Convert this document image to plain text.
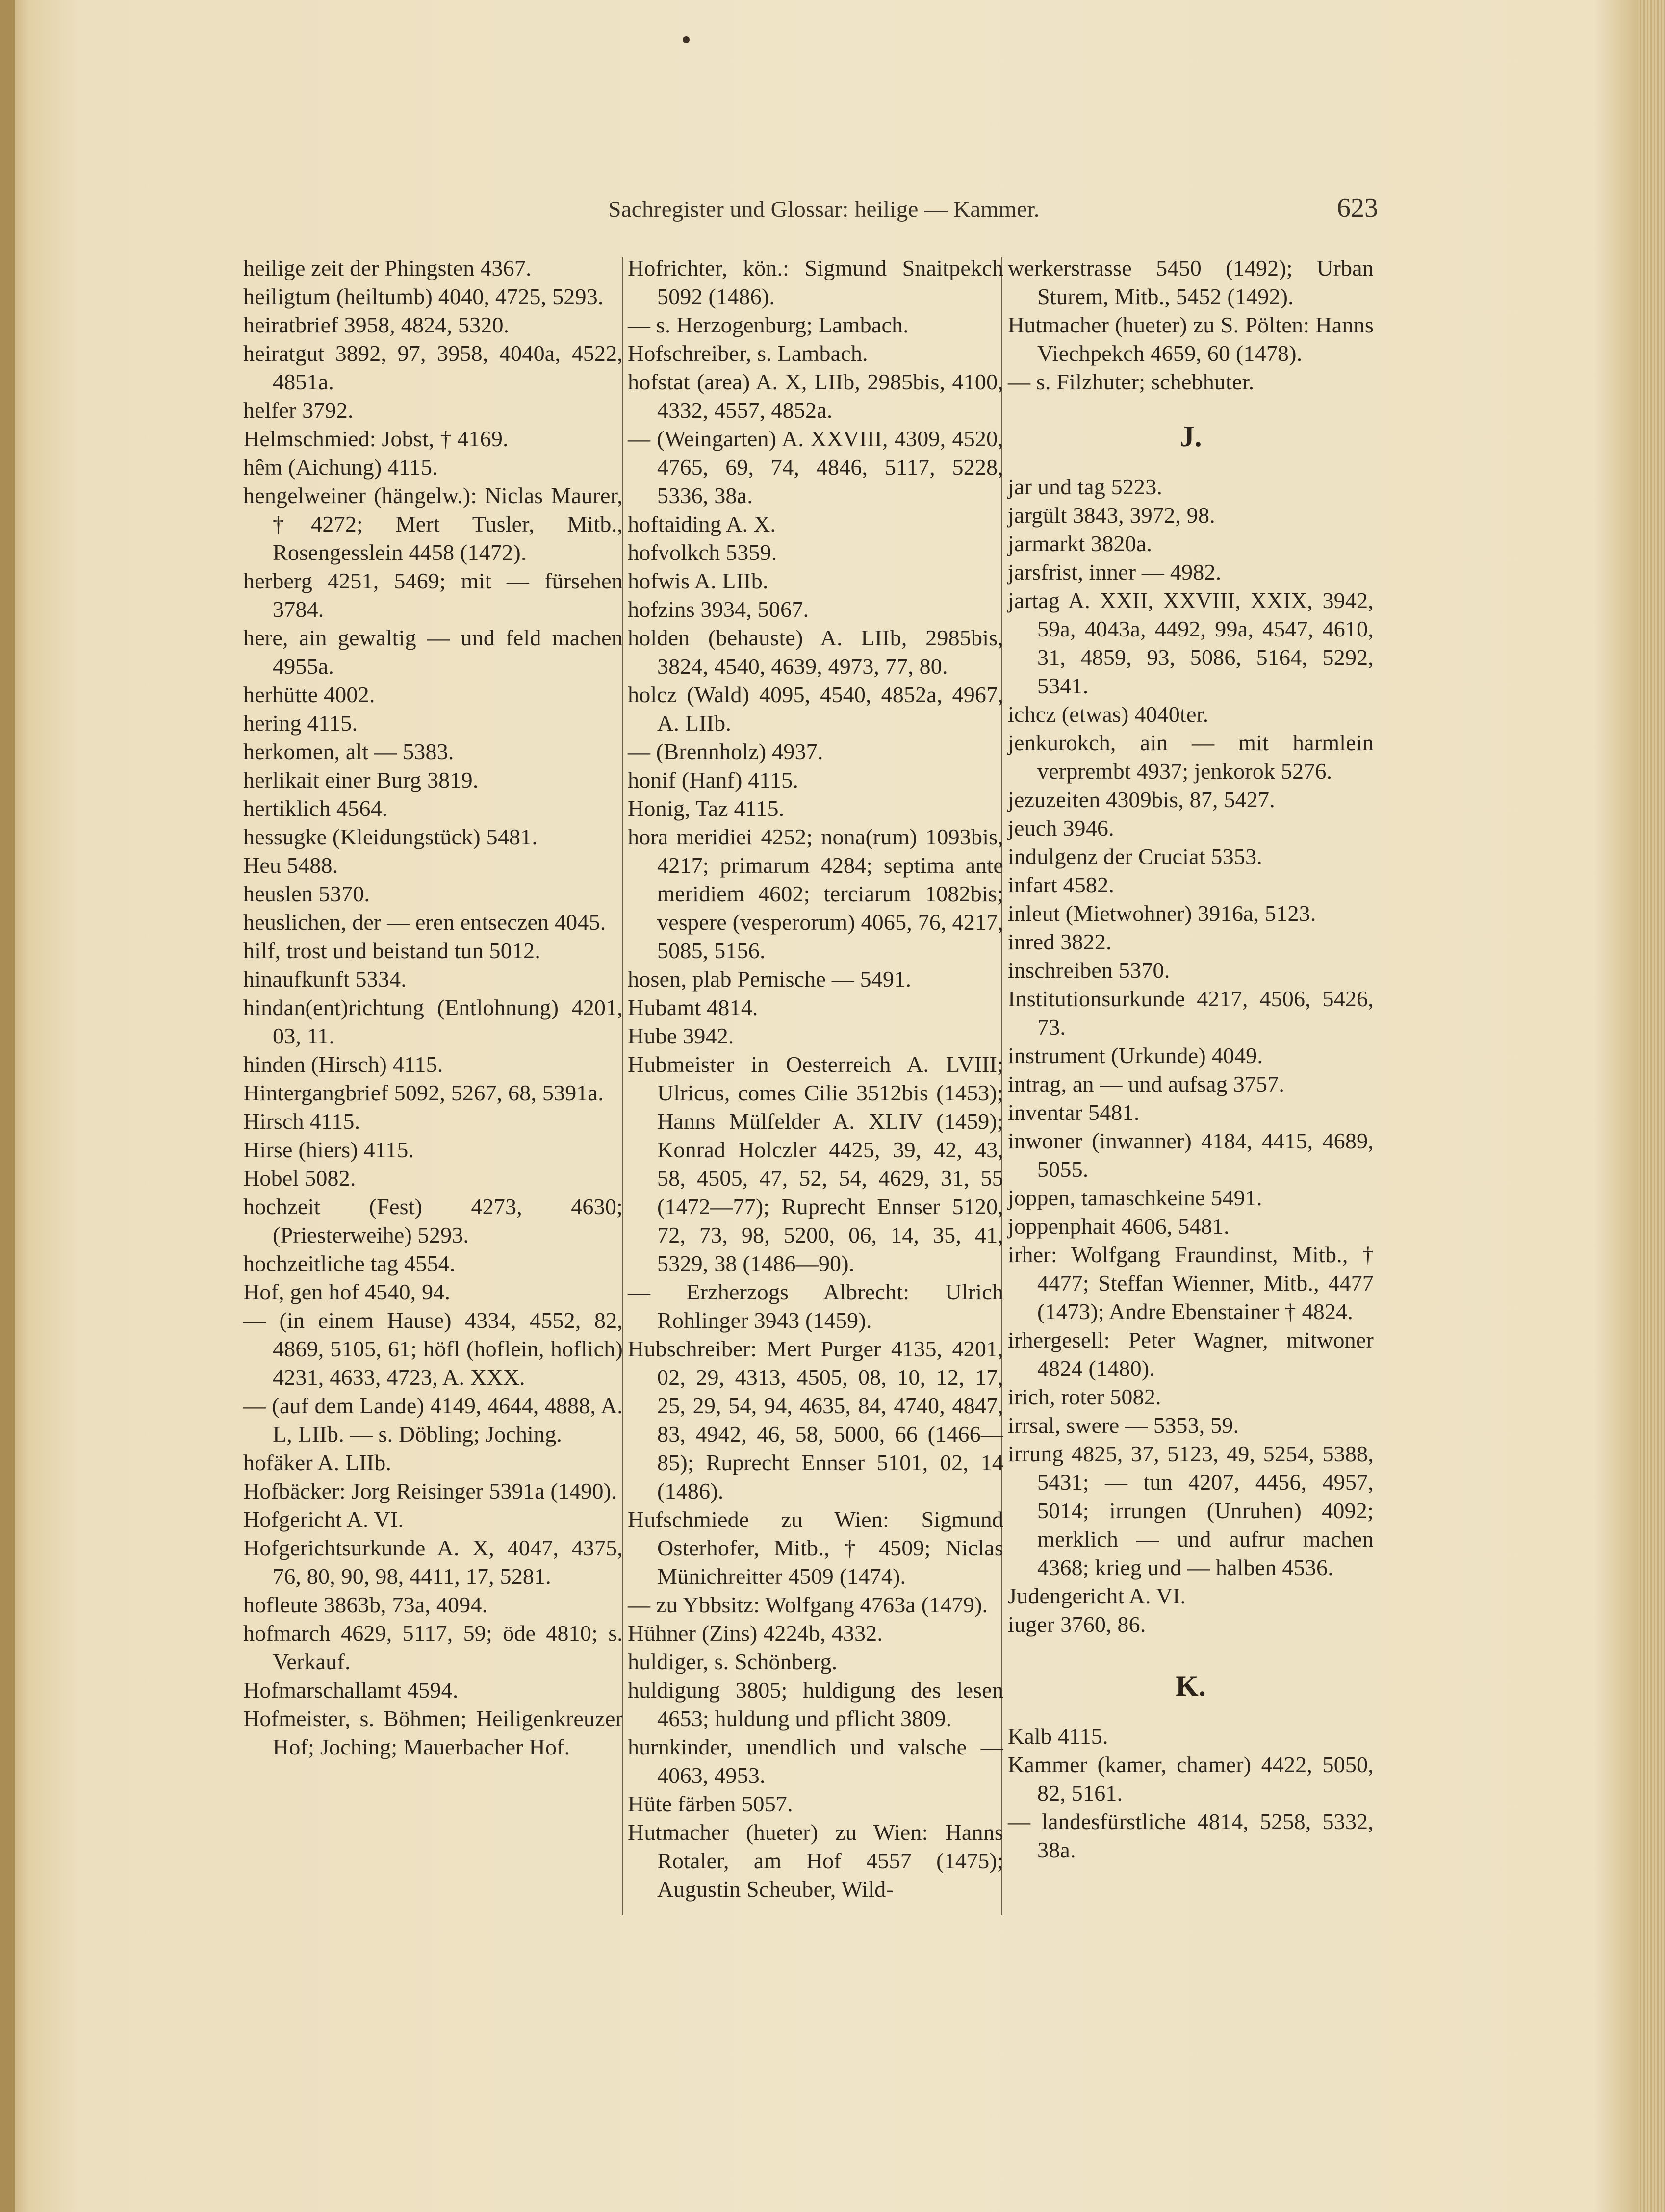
Sachregister und Glossar: heilige — Kammer.	623

heilige zeit der Phingsten 4367.

heiligtum (heiltumb) 4040, 4725, 5293.

heiratbrief 3958, 4824, 5320.

heiratgut 3892, 97, 3958, 4040a, 4522, 4851a.

helfer 3792.

Helmschmied: Jobst, † 4169.

hêm (Aichung) 4115.

hengelweiner (hängelw.): Niclas Maurer, †4272; Mert Tusler, Mitb., Rosengesslein 4458 (1472).

herberg 4251, 5469; mit — fürsehen 3784.

here, ain gewaltig — und feld machen 4955a.

herhütte 4002.

hering 4115.

herkomen, alt — 5383.

herlikait einer Burg 3819.

hertiklich 4564.

hessugke (Kleidungstück) 5481.

Heu 5488.

heuslen 5370.

heuslichen, der — eren entseczen 4045.

hilf, trost und beistand tun 5012.

hinaufkunft 5334.

hindan(ent)richtung (Entlohnung) 4201, 03, 11.

hinden (Hirsch) 4115.

Hintergangbrief 5092, 5267, 68, 5391a.

Hirsch 4115.

Hirse (hiers) 4115.

Hobel 5082.

hochzeit (Fest) 4273, 4630; (Priesterweihe) 5293.

hochzeitliche tag 4554.

Hof, gen hof 4540, 94.

— (in einem Hause) 4334, 4552, 82, 4869, 5105, 61; höfl (hoflein, hoflich) 4231, 4633, 4723, A. XXX.

— (auf dem Lande) 4149, 4644, 4888, A. L, LIIb. — s. Döbling; Joching.

hofäker A. LIIb.

Hofbäcker: Jorg Reisinger 5391a (1490).

Hofgericht A. VI.

Hofgerichtsurkunde A. X, 4047, 4375, 76, 80, 90, 98, 4411, 17, 5281.

hofleute 3863b, 73a, 4094.

hofmarch 4629, 5117, 59; öde 4810; s. Verkauf.

Hofmarschallamt 4594.

Hofmeister, s. Böhmen; Heiligenkreuzer Hof; Joching; Mauerbacher Hof.

Hofrichter, kön.: Sigmund Snaitpekch 5092 (1486).

— s. Herzogenburg; Lambach.

Hofschreiber, s. Lambach.

hofstat (area) A. X, LIIb, 2985bis, 4100, 4332, 4557, 4852a.

— (Weingarten) A. XXVIII, 4309, 4520, 4765, 69, 74, 4846, 5117, 5228, 5336, 38a.

hoftaiding A. X.

hofvolkch 5359.

hofwis A. LIIb.

hofzins 3934, 5067.

holden (behauste) A. LIIb, 2985bis, 3824, 4540, 4639, 4973, 77, 80.

holcz (Wald) 4095, 4540, 4852a, 4967, A. LIIb.

— (Brennholz) 4937.

honif (Hanf) 4115.

Honig, Taz 4115.

hora meridiei 4252; nona(rum) 1093bis, 4217; primarum 4284; septima ante meridiem 4602; terciarum 1082bis; vespere (vesperorum) 4065, 76, 4217, 5085, 5156.

hosen, plab Pernische — 5491.

Hubamt 4814.

Hube 3942.

Hubmeister in Oesterreich A. LVIII; Ulricus, comes Cilie 3512bis (1453); Hanns Mülfelder A. XLIV (1459); Konrad Holczler 4425, 39, 42, 43, 58, 4505, 47, 52, 54, 4629, 31, 55 (1472—77); Ruprecht Ennser 5120, 72, 73, 98, 5200, 06, 14, 35, 41, 5329, 38 (1486—90).

— Erzherzogs Albrecht: Ulrich Rohlinger 3943 (1459).

Hubschreiber: Mert Purger 4135, 4201, 02, 29, 4313, 4505, 08, 10, 12, 17, 25, 29, 54, 94, 4635, 84, 4740, 4847, 83, 4942, 46, 58, 5000, 66 (1466—85); Ruprecht Ennser 5101, 02, 14 (1486).

Hufschmiede zu Wien: Sigmund Osterhofer, Mitb., † 4509; Niclas Münichreitter 4509 (1474).

— zu Ybbsitz: Wolfgang 4763a (1479).

Hühner (Zins) 4224b, 4332.

huldiger, s. Schönberg.

huldigung 3805; huldigung des lesen 4653; huldung und pflicht 3809.

hurnkinder, unendlich und valsche — 4063, 4953.

Hüte färben 5057.

Hutmacher (hueter) zu Wien: Hanns Rotaler, am Hof 4557 (1475); Augustin Scheuber, Wild-

werkerstrasse 5450 (1492); Urban Sturem, Mitb., 5452 (1492).

Hutmacher (hueter) zu S. Pölten: Hanns Viechpekch 4659, 60 (1478).

— s. Filzhuter; schebhuter.

J.

jar und tag 5223.

jargült 3843, 3972, 98.

jarmarkt 3820a.

jarsfrist, inner — 4982.

jartag A. XXII, XXVIII, XXIX, 3942, 59a, 4043a, 4492, 99a, 4547, 4610, 31, 4859, 93, 5086, 5164, 5292, 5341.

ichcz (etwas) 4040ter.

jenkurokch, ain — mit harmlein verprembt 4937; jenkorok 5276.

jezuzeiten 4309bis, 87, 5427.

jeuch 3946.

indulgenz der Cruciat 5353.

infart 4582.

inleut (Mietwohner) 3916a, 5123.

inred 3822.

inschreiben 5370.

Institutionsurkunde 4217, 4506, 5426, 73.

instrument (Urkunde) 4049.

intrag, an — und aufsag 3757.

inventar 5481.

inwoner (inwanner) 4184, 4415, 4689, 5055.

joppen, tamaschkeine 5491.

joppenphait 4606, 5481.

irher: Wolfgang Fraundinst, Mitb., † 4477; Steffan Wienner, Mitb., 4477 (1473); Andre Ebenstainer † 4824.

irhergesell: Peter Wagner, mitwoner 4824 (1480).

irich, roter 5082.

irrsal, swere — 5353, 59.

irrung 4825, 37, 5123, 49, 5254, 5388, 5431; — tun 4207, 4456, 4957, 5014; irrungen (Unruhen) 4092; merklich — und aufrur machen 4368; krieg und — halben 4536.

Judengericht A. VI.

iuger 3760, 86.

K.

Kalb 4115.

Kammer (kamer, chamer) 4422, 5050, 82, 5161.

— landesfürstliche 4814, 5258, 5332, 38a.
